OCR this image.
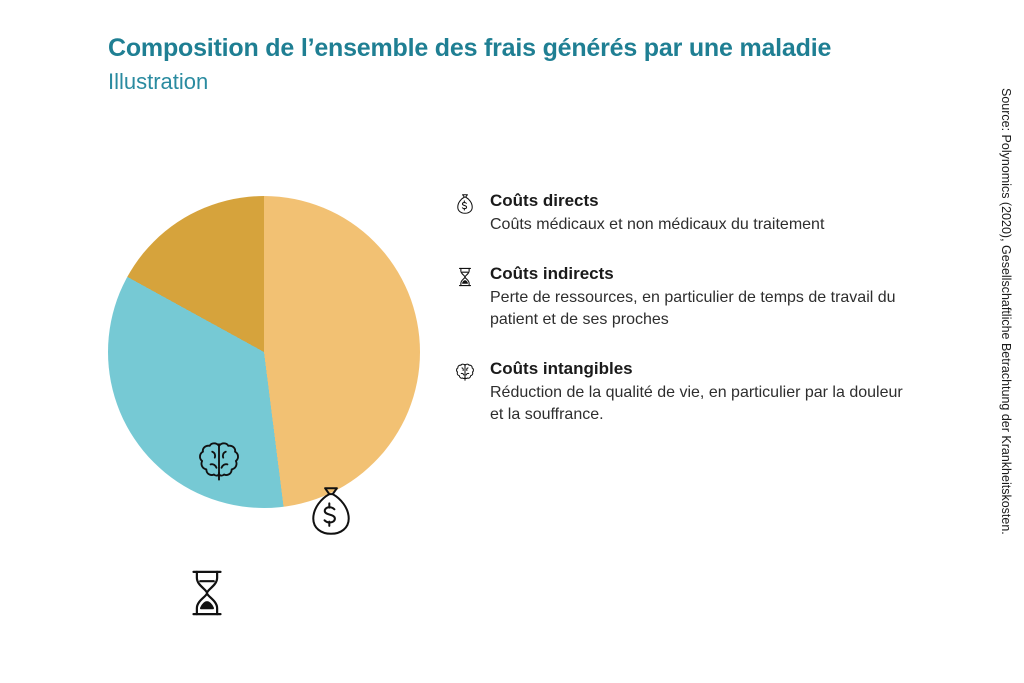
Composition de l’ensemble des frais générés par une maladie

Illustration

Coûts directs

Coûts médicaux et non médicaux du traitement

Coûts indirects

Perte de ressources, en particulier de temps de travail du patient et de ses proches

Coûts intangibles

Réduction de la qualité de vie, en particulier par la douleur et la souffrance.	Source: Polynomics (2020), Gesellschaftliche Betrachtung der Krankheitskosten.
